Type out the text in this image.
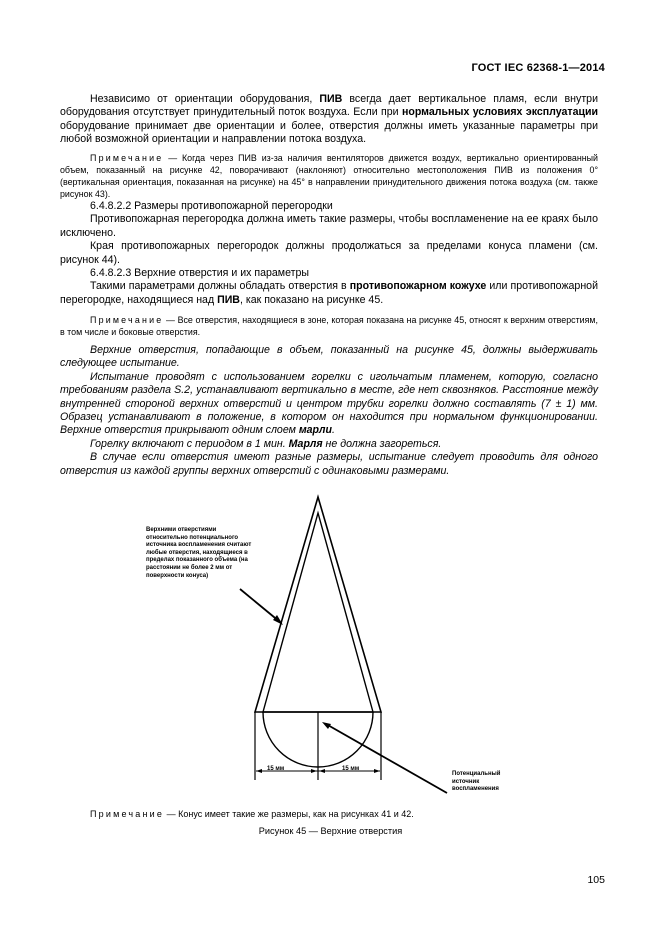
ГОСТ IEC 62368-1—2014

Независимо от ориентации оборудования, ПИВ всегда дает вертикальное пламя, если внутри оборудования отсутствует принудительный поток воздуха. Если при нормальных условиях эксплуатации оборудование принимает две ориентации и более, отверстия должны иметь указанные параметры при любой возможной ориентации и направлении потока воздуха.

Примечание — Когда через ПИВ из-за наличия вентиляторов движется воздух, вертикально ориентированный объем, показанный на рисунке 42, поворачивают (наклоняют) относительно местоположения ПИВ из положения 0° (вертикальная ориентация, показанная на рисунке) на 45° в направлении принудительного движения потока воздуха (см. также рисунок 43).

6.4.8.2.2 Размеры противопожарной перегородки

Противопожарная перегородка должна иметь такие размеры, чтобы воспламенение на ее краях было исключено.

Края противопожарных перегородок должны продолжаться за пределами конуса пламени (см. рисунок 44).

6.4.8.2.3 Верхние отверстия и их параметры

Такими параметрами должны обладать отверстия в противопожарном кожухе или противопожарной перегородке, находящиеся над ПИВ, как показано на рисунке 45.

Примечание — Все отверстия, находящиеся в зоне, которая показана на рисунке 45, относят к верхним отверстиям, в том числе и боковые отверстия.

Верхние отверстия, попадающие в объем, показанный на рисунке 45, должны выдерживать следующее испытание.

Испытание проводят с использованием горелки с игольчатым пламенем, которую, согласно требованиям раздела S.2, устанавливают вертикально в месте, где нет сквозняков. Расстояние между внутренней стороной верхних отверстий и центром трубки горелки должно составлять (7 ± 1) мм. Образец устанавливают в положение, в котором он находится при нормальном функционировании. Верхние отверстия прикрывают одним слоем марли.

Горелку включают с периодом в 1 мин. Марля не должна загореться.

В случае если отверстия имеют разные размеры, испытание следует проводить для одного отверстия из каждой группы верхних отверстий с одинаковыми размерами.

Верхними отверстиями относительно потенциального источника воспламенения считают любые отверстия, находящиеся в пределах показанного объема (на расстоянии не более 2 мм от поверхности конуса)
15 мм	15 мм
Потенциальный источник воспламенения
Примечание — Конус имеет такие же размеры, как на рисунках 41 и 42.
Рисунок 45 — Верхние отверстия
105
